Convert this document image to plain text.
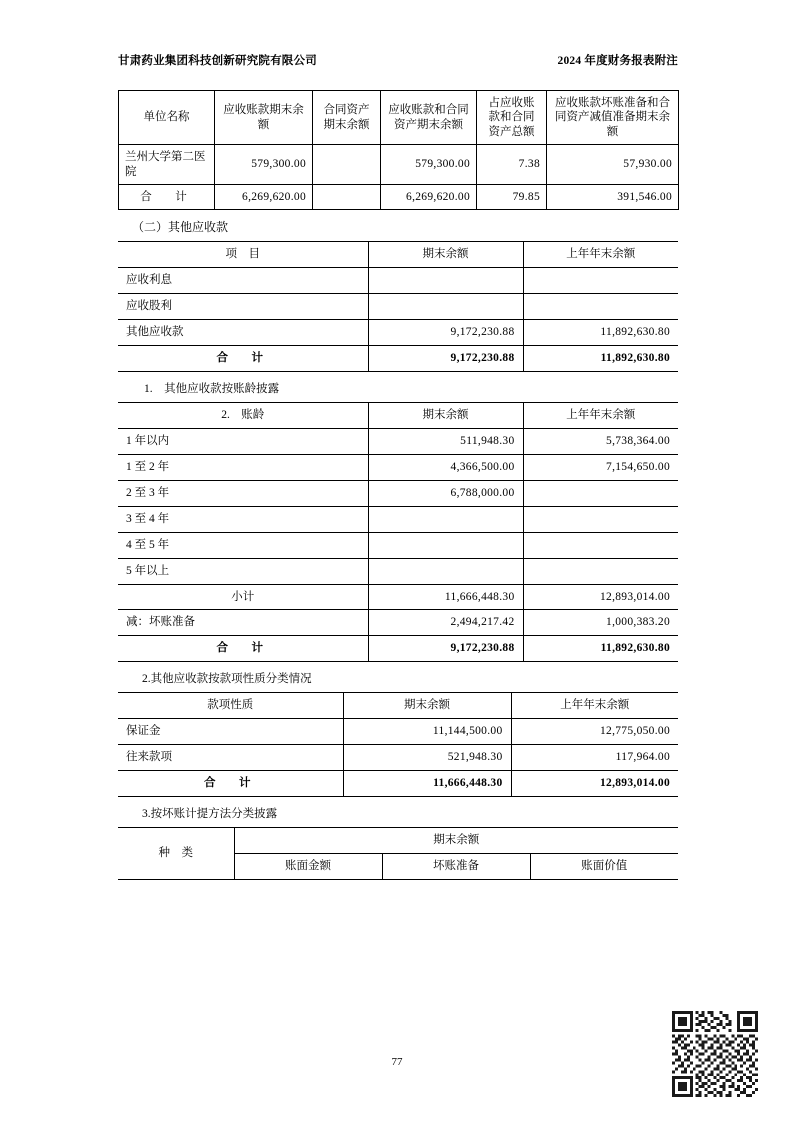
甘肃药业集团科技创新研究院有限公司	2024 年度财务报表附注
单位名称	应收账款期末余额	合同资产期末余额	应收账款和合同资产期末余额	占应收账款和合同资产总额	应收账款坏账准备和合同资产减值准备期末余额
兰州大学第二医院	579,300.00		579,300.00	7.38	57,930.00
合　计	6,269,620.00		6,269,620.00	79.85	391,546.00
（二）其他应收款
项　目	期末余额	上年年末余额
应收利息		
应收股利		
其他应收款	9,172,230.88	11,892,630.80
合　计	9,172,230.88	11,892,630.80
1.　其他应收款按账龄披露
2.　账龄	期末余额	上年年末余额
1 年以内	511,948.30	5,738,364.00
1 至 2 年	4,366,500.00	7,154,650.00
2 至 3 年	6,788,000.00	
3 至 4 年		
4 至 5 年		
5 年以上		
小计	11,666,448.30	12,893,014.00
减：坏账准备	2,494,217.42	1,000,383.20
合　计	9,172,230.88	11,892,630.80
2.其他应收款按款项性质分类情况
款项性质	期末余额	上年年末余额
保证金	11,144,500.00	12,775,050.00
往来款项	521,948.30	117,964.00
合　计	11,666,448.30	12,893,014.00
3.按坏账计提方法分类披露
种　类	期末余额		
	账面金额	坏账准备	账面价值
77
